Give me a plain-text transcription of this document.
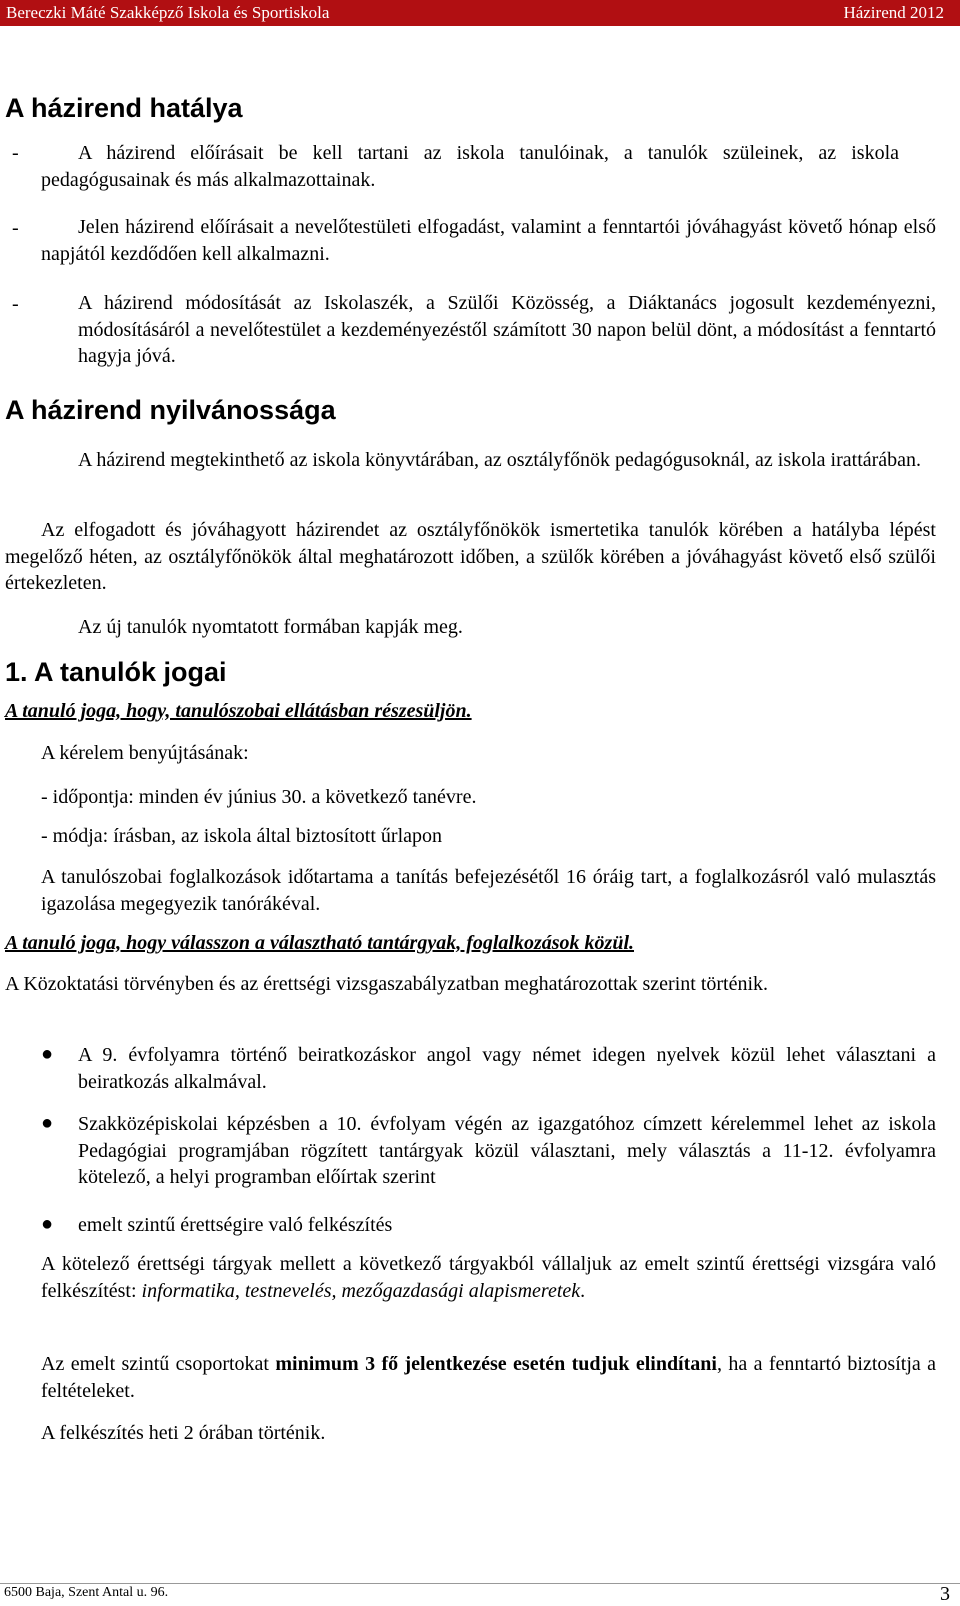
Bereczki Máté Szakképző Iskola és Sportiskola	Házirend 2012
A házirend hatálya
-	A házirend előírásait be kell tartani az iskola tanulóinak, a tanulók szüleinek, az iskola pedagógusainak és más alkalmazottainak.
-	Jelen házirend előírásait a nevelőtestületi elfogadást, valamint a fenntartói jóváhagyást követő hónap első napjától kezdődően kell alkalmazni.
-	A házirend módosítását az Iskolaszék, a Szülői Közösség, a Diáktanács jogosult kezdeményezni, módosításáról a nevelőtestület a kezdeményezéstől számított 30 napon belül dönt, a módosítást a fenntartó hagyja jóvá.
A házirend nyilvánossága
A házirend megtekinthető az iskola könyvtárában, az osztályfőnök pedagógusoknál, az iskola irattárában.
Az elfogadott és jóváhagyott házirendet az osztályfőnökök ismertetika tanulók körében a hatályba lépést megelőző héten, az osztályfőnökök által meghatározott időben, a szülők körében a jóváhagyást követő első szülői értekezleten.
Az új tanulók nyomtatott formában kapják meg.
1. A tanulók jogai
A tanuló joga, hogy, tanulószobai ellátásban részesüljön.
A kérelem benyújtásának:
- időpontja: minden év június 30. a következő tanévre.
- módja: írásban, az iskola által biztosított űrlapon
A tanulószobai foglalkozások időtartama a tanítás befejezésétől 16 óráig tart, a foglalkozásról való mulasztás igazolása megegyezik tanórákéval.
A tanuló joga, hogy válasszon a választható tantárgyak, foglalkozások közül.
A Közoktatási törvényben és az érettségi vizsgaszabályzatban meghatározottak szerint történik.
● A 9. évfolyamra történő beiratkozáskor angol vagy német idegen nyelvek közül lehet választani a beiratkozás alkalmával.
● Szakközépiskolai képzésben a 10. évfolyam végén az igazgatóhoz címzett kérelemmel lehet az iskola Pedagógiai programjában rögzített tantárgyak közül választani, mely választás a 11-12. évfolyamra kötelező, a helyi programban előírtak szerint
● emelt szintű érettségire való felkészítés
A kötelező érettségi tárgyak mellett a következő tárgyakból vállaljuk az emelt szintű érettségi vizsgára való felkészítést: informatika, testnevelés, mezőgazdasági alapismeretek.
Az emelt szintű csoportokat minimum 3 fő jelentkezése esetén tudjuk elindítani, ha a fenntartó biztosítja a feltételeket.
A felkészítés heti 2 órában történik.
6500 Baja, Szent Antal u. 96.	3
